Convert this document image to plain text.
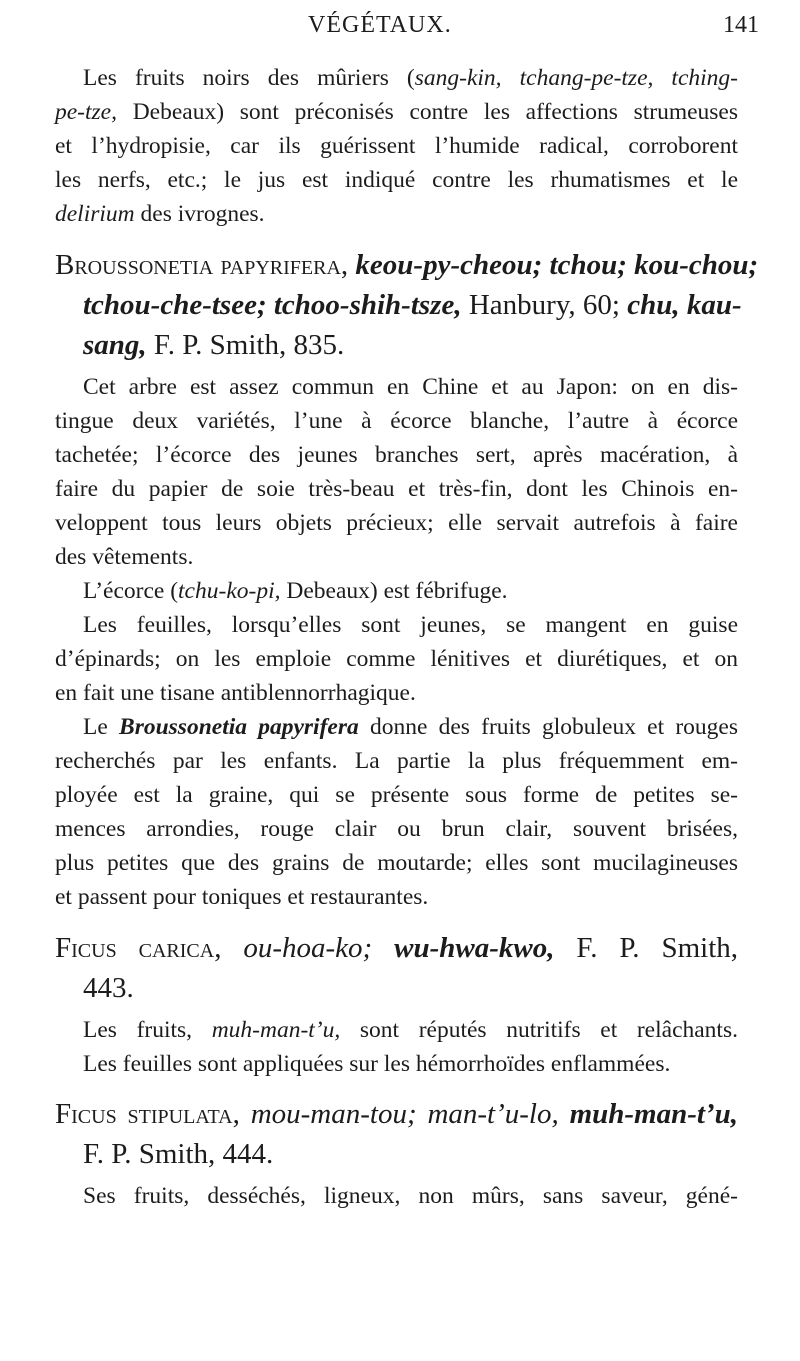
VÉGÉTAUX.	141
Les fruits noirs des mûriers (sang-kin, tchang-pe-tze, tching-
pe-tze, Debeaux) sont préconisés contre les affections strumeuses
et l’hydropisie, car ils guérissent l’humide radical, corroborent
les nerfs, etc.; le jus est indiqué contre les rhumatismes et le
delirium des ivrognes.
Broussonetia papyrifera, keou-py-cheou; tchou; kou-chou;
tchou-che-tsee; tchoo-shih-tsze, Hanbury, 60; chu, kau-
sang, F. P. Smith, 835.
Cet arbre est assez commun en Chine et au Japon: on en dis-
tingue deux variétés, l’une à écorce blanche, l’autre à écorce
tachetée; l’écorce des jeunes branches sert, après macération, à
faire du papier de soie très-beau et très-fin, dont les Chinois en-
veloppent tous leurs objets précieux; elle servait autrefois à faire
des vêtements.
L’écorce (tchu-ko-pi, Debeaux) est fébrifuge.
Les feuilles, lorsqu’elles sont jeunes, se mangent en guise
d’épinards; on les emploie comme lénitives et diurétiques, et on
en fait une tisane antiblennorrhagique.
Le Broussonetia papyrifera donne des fruits globuleux et rouges
recherchés par les enfants. La partie la plus fréquemment em-
ployée est la graine, qui se présente sous forme de petites se-
mences arrondies, rouge clair ou brun clair, souvent brisées,
plus petites que des grains de moutarde; elles sont mucilagineuses
et passent pour toniques et restaurantes.
Ficus carica, ou-hoa-ko; wu-hwa-kwo, F. P. Smith,
443.
Les fruits, muh-man-t’u, sont réputés nutritifs et relâchants.
Les feuilles sont appliquées sur les hémorrhoïdes enflammées.
Ficus stipulata, mou-man-tou; man-t’u-lo, muh-man-t’u,
F. P. Smith, 444.
Ses fruits, desséchés, ligneux, non mûrs, sans saveur, géné-
